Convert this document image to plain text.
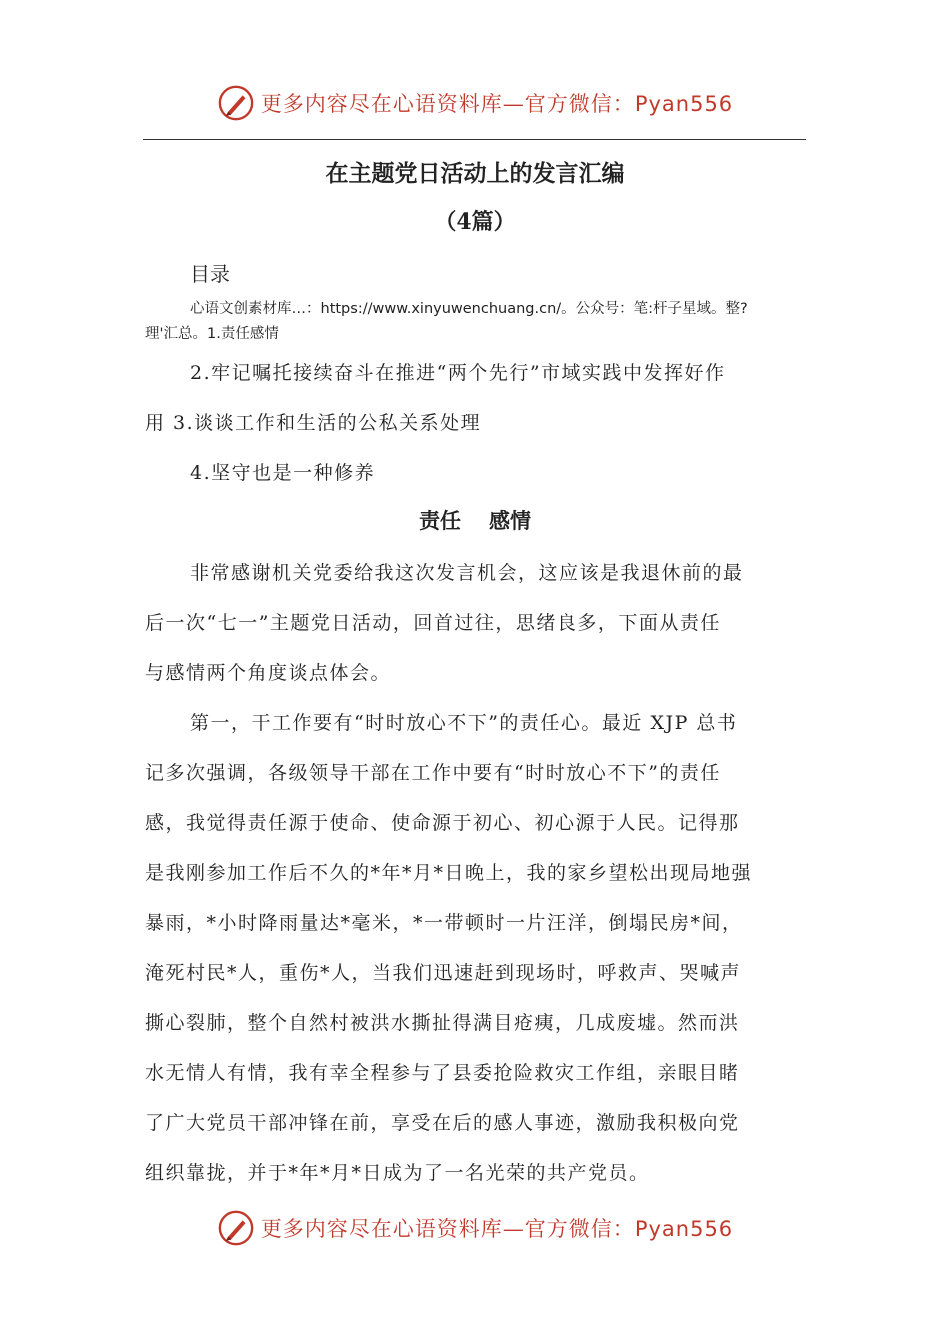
更多内容尽在心语资料库—官方微信：Pyan556
在主题党日活动上的发言汇编
（4篇）
目录
心语文创素材库…：https://www.xinyuwenchuang.cn/。公众号：笔:杆子星域。整?
理'汇总。1.责任感情
2.牢记嘱托接续奋斗在推进“两个先行”市域实践中发挥好作
用 3.谈谈工作和生活的公私关系处理
4.坚守也是一种修养
责任 感情
非常感谢机关党委给我这次发言机会，这应该是我退休前的最
后一次“七一”主题党日活动，回首过往，思绪良多，下面从责任
与感情两个角度谈点体会。
第一，干工作要有“时时放心不下”的责任心。最近 XJP 总书
记多次强调，各级领导干部在工作中要有“时时放心不下”的责任
感，我觉得责任源于使命、使命源于初心、初心源于人民。记得那
是我刚参加工作后不久的*年*月*日晚上，我的家乡望松出现局地强
暴雨，*小时降雨量达*毫米，*一带顿时一片汪洋，倒塌民房*间，
淹死村民*人，重伤*人，当我们迅速赶到现场时，呼救声、哭喊声
撕心裂肺，整个自然村被洪水撕扯得满目疮痍，几成废墟。然而洪
水无情人有情，我有幸全程参与了县委抢险救灾工作组，亲眼目睹
了广大党员干部冲锋在前，享受在后的感人事迹，激励我积极向党
组织靠拢，并于*年*月*日成为了一名光荣的共产党员。
更多内容尽在心语资料库—官方微信：Pyan556
